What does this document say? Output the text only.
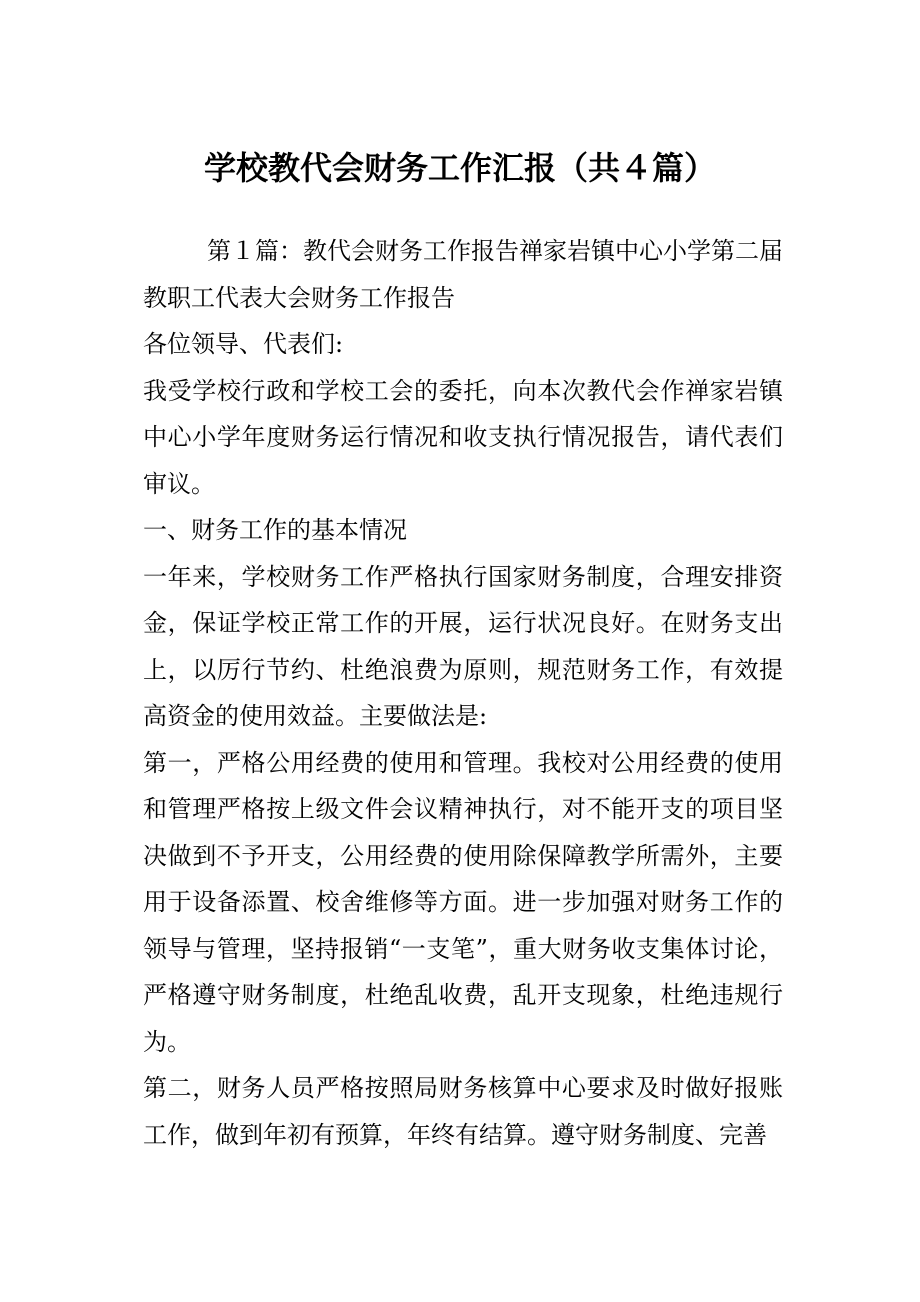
学校教代会财务工作汇报（共４篇）

第１篇：教代会财务工作报告禅家岩镇中心小学第二届教职工代表大会财务工作报告

各位领导、代表们:

我受学校行政和学校工会的委托，向本次教代会作禅家岩镇中心小学年度财务运行情况和收支执行情况报告，请代表们审议。

一、财务工作的基本情况

一年来，学校财务工作严格执行国家财务制度，合理安排资金，保证学校正常工作的开展，运行状况良好。在财务支出上，以厉行节约、杜绝浪费为原则，规范财务工作，有效提高资金的使用效益。主要做法是:

第一，严格公用经费的使用和管理。我校对公用经费的使用和管理严格按上级文件会议精神执行，对不能开支的项目坚决做到不予开支，公用经费的使用除保障教学所需外，主要用于设备添置、校舍维修等方面。进一步加强对财务工作的领导与管理，坚持报销“一支笔”，重大财务收支集体讨论，严格遵守财务制度，杜绝乱收费，乱开支现象，杜绝违规行为。

第二，财务人员严格按照局财务核算中心要求及时做好报账工作，做到年初有预算，年终有结算。遵守财务制度、完善
